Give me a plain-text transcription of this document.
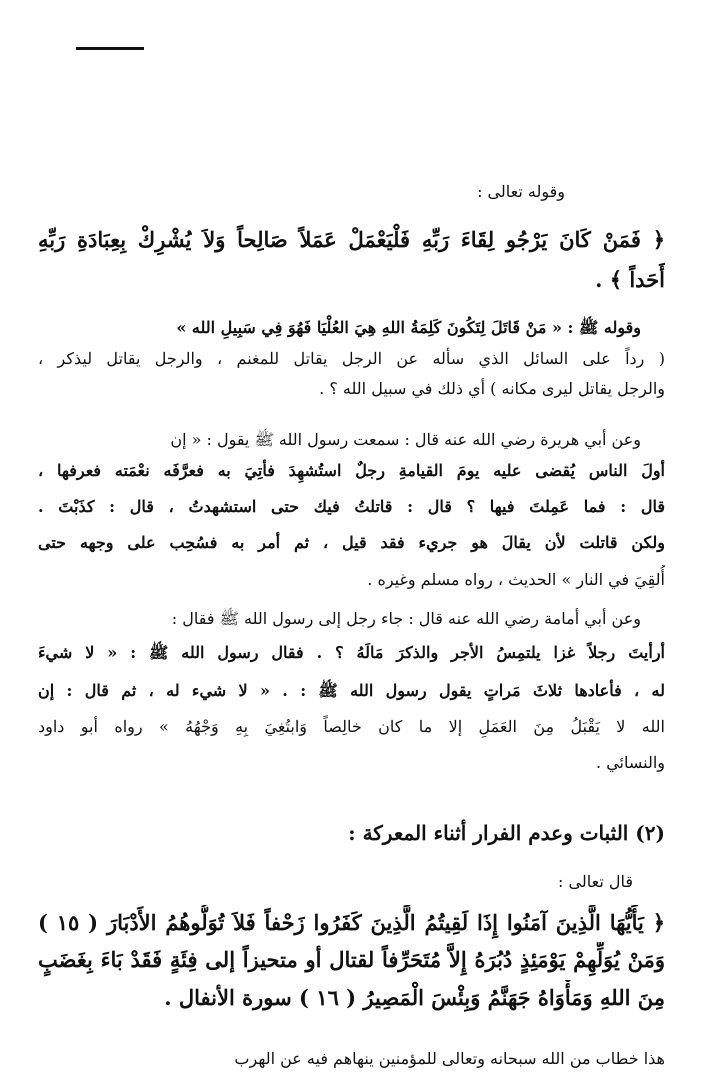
وقوله تعالى :
﴿ فَمَنْ كَانَ يَرْجُو لِقَاءَ رَبِّهِ فَلْيَعْمَلْ عَمَلاً صَالِحاً وَلاَ يُشْرِكْ بِعِبَادَةِ رَبِّهِ
أَحَداً ﴾ .
وقوله ﷺ : « مَنْ قَاتَلَ لِتَكُونَ كَلِمَةُ اللهِ هِيَ العُلْيَا فَهُوَ فِي سَبِيلِ الله »
( رداً على السائل الذي سأله عن الرجل يقاتل للمغنم ، والرجل يقاتل ليذكر ،
والرجل يقاتل ليرى مكانه ) أي ذلك في سبيل الله ؟ .
وعن أبي هريرة رضي الله عنه قال : سمعت رسول الله ﷺ يقول : « إن
أولَ الناس يُقضى عليه يومَ القيامةِ رجلٌ استُشهِدَ فأتِيَ به فعرَّفَه نعْمَته فعرفها ،
قال : فما عَمِلتَ فيها ؟ قال : قاتلتُ فيك حتى استشهدتُ ، قال : كذَبْتَ .
ولكن قاتلت لأن يقالَ هو جريء فقد قيل ، ثم أمر به فسُحِب على وجهه حتى
أُلقِيَ في النار » الحديث ، رواه مسلم وغيره .
وعن أبي أمامة رضي الله عنه قال : جاء رجل إلى رسول الله ﷺ فقال :
أرأيتَ رجلاً غزا يلتمِسُ الأجر والذكرَ مَالَهُ ؟ . فقال رسول الله ﷺ : « لا شيءَ
له ، فأعادها ثلاثَ مَراتٍ يقول رسول الله ﷺ : . « لا شيء له ، ثم قال : إن
الله لا يَقْبَلُ مِنَ العَمَلِ إلا ما كان خالِصاً وَابتُغِيَ بِهِ وَجْهُهُ » رواه أبو داود
والنسائي .
(٢) الثبات وعدم الفرار أثناء المعركة :
قال تعالى :
﴿ يَأَيُّهَا الَّذِينَ آمَنُوا إِذَا لَقِيتُمُ الَّذِينَ كَفَرُوا زَحْفاً فَلاَ تُوَلُّوهُمُ الأَدْبَارَ ( ١٥ )
وَمَنْ يُوَلِّهِمْ يَوْمَئِذٍ دُبُرَهُ إِلاَّ مُتَحَرِّفاً لقتال أو متحيزاً إلى فِئَةٍ فَقَدْ بَاءَ بِغَضَبٍ
مِنَ اللهِ وَمَأْوَاهُ جَهَنَّمُ وَبِئْسَ الْمَصِيرُ ( ١٦ ) سورة الأنفال .
هذا خطاب من الله سبحانه وتعالى للمؤمنين ينهاهم فيه عن الهرب
